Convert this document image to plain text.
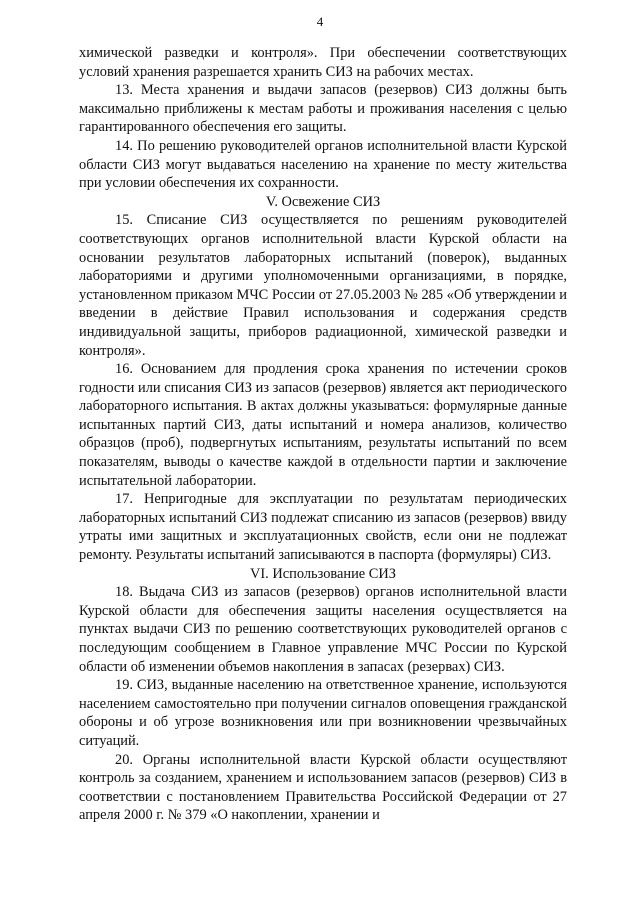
4

химической разведки и контроля». При обеспечении соответствующих условий хранения разрешается хранить СИЗ на рабочих местах.

13. Места хранения и выдачи запасов (резервов) СИЗ должны быть максимально приближены к местам работы и проживания населения с целью гарантированного обеспечения его защиты.

14. По решению руководителей органов исполнительной власти Курской области СИЗ могут выдаваться населению на хранение по месту жительства при условии обеспечения их сохранности.

V. Освежение СИЗ

15. Списание СИЗ осуществляется по решениям руководителей соответствующих органов исполнительной власти Курской области на основании результатов лабораторных испытаний (поверок), выданных лабораториями и другими уполномоченными организациями, в порядке, установленном приказом МЧС России от 27.05.2003 № 285 «Об утверждении и введении в действие Правил использования и содержания средств индивидуальной защиты, приборов радиационной, химической разведки и контроля».

16. Основанием для продления срока хранения по истечении сроков годности или списания СИЗ из запасов (резервов) является акт периодического лабораторного испытания. В актах должны указываться: формулярные данные испытанных партий СИЗ, даты испытаний и номера анализов, количество образцов (проб), подвергнутых испытаниям, результаты испытаний по всем показателям, выводы о качестве каждой в отдельности партии и заключение испытательной лаборатории.

17. Непригодные для эксплуатации по результатам периодических лабораторных испытаний СИЗ подлежат списанию из запасов (резервов) ввиду утраты ими защитных и эксплуатационных свойств, если они не подлежат ремонту. Результаты испытаний записываются в паспорта (формуляры) СИЗ.

VI. Использование СИЗ

18. Выдача СИЗ из запасов (резервов) органов исполнительной власти Курской области для обеспечения защиты населения осуществляется на пунктах выдачи СИЗ по решению соответствующих руководителей органов с последующим сообщением в Главное управление МЧС России по Курской области об изменении объемов накопления в запасах (резервах) СИЗ.

19. СИЗ, выданные населению на ответственное хранение, используются населением самостоятельно при получении сигналов оповещения гражданской обороны и об угрозе возникновения или при возникновении чрезвычайных ситуаций.

20. Органы исполнительной власти Курской области осуществляют контроль за созданием, хранением и использованием запасов (резервов) СИЗ в соответствии с постановлением Правительства Российской Федерации от 27 апреля 2000 г. № 379 «О накоплении, хранении и
